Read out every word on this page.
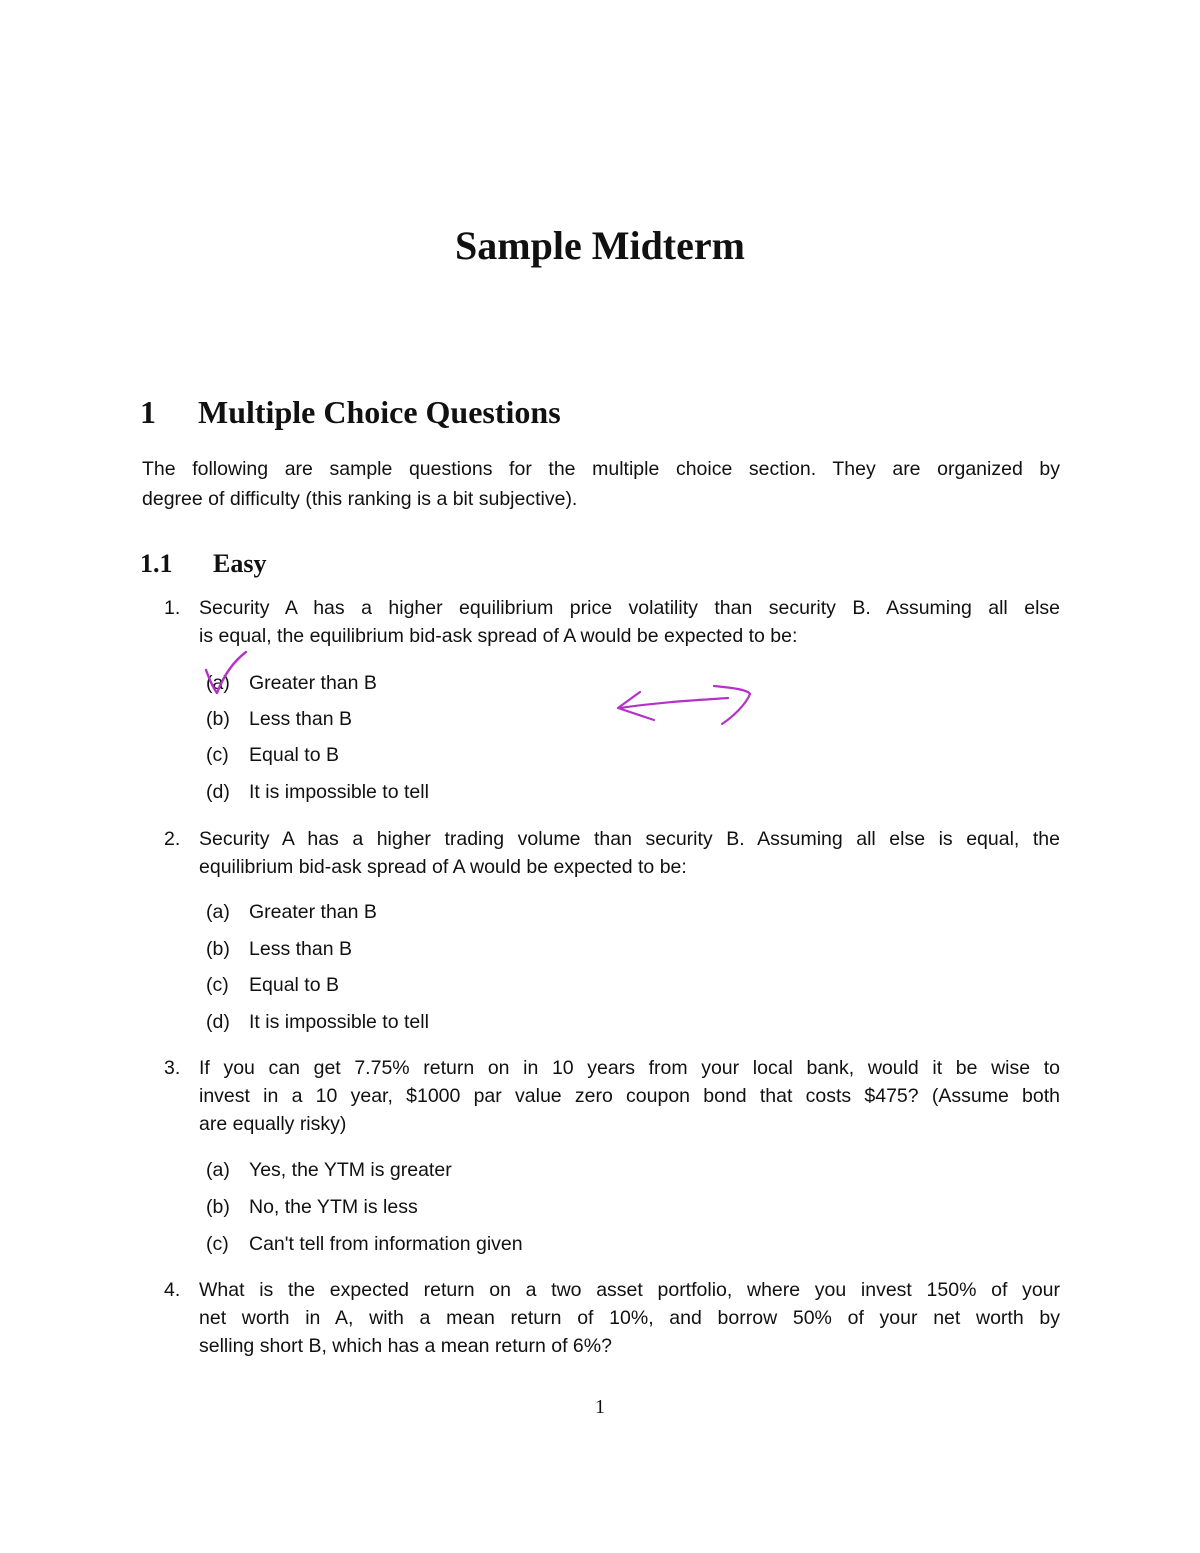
Sample Midterm
1 Multiple Choice Questions
The following are sample questions for the multiple choice section. They are organized by
degree of difficulty (this ranking is a bit subjective).
1.1 Easy
1. Security A has a higher equilibrium price volatility than security B. Assuming all else
is equal, the equilibrium bid-ask spread of A would be expected to be:
(a) Greater than B
(b) Less than B
(c) Equal to B
(d) It is impossible to tell
2. Security A has a higher trading volume than security B. Assuming all else is equal, the
equilibrium bid-ask spread of A would be expected to be:
(a) Greater than B
(b) Less than B
(c) Equal to B
(d) It is impossible to tell
3. If you can get 7.75% return on in 10 years from your local bank, would it be wise to
invest in a 10 year, $1000 par value zero coupon bond that costs $475? (Assume both
are equally risky)
(a) Yes, the YTM is greater
(b) No, the YTM is less
(c) Can't tell from information given
4. What is the expected return on a two asset portfolio, where you invest 150% of your
net worth in A, with a mean return of 10%, and borrow 50% of your net worth by
selling short B, which has a mean return of 6%?
1
